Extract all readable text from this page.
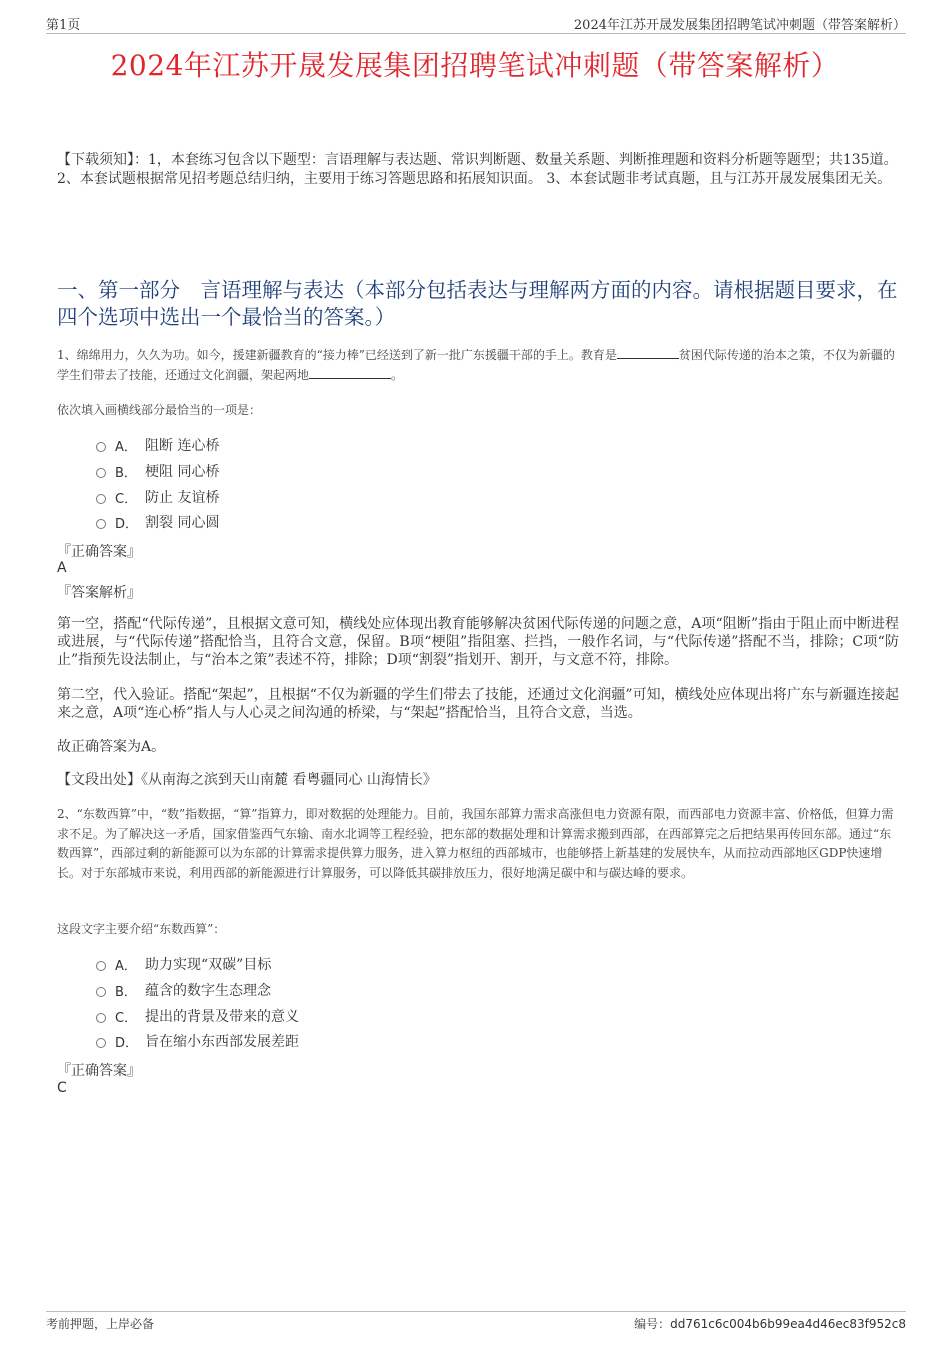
第1页	2024年江苏开晟发展集团招聘笔试冲刺题（带答案解析）
2024年江苏开晟发展集团招聘笔试冲刺题（带答案解析）
【下载须知】：1，本套练习包含以下题型：言语理解与表达题、常识判断题、数量关系题、判断推理题和资料分析题等题型；共135道。 2、本套试题根据常见招考题总结归纳，主要用于练习答题思路和拓展知识面。 3、本套试题非考试真题，且与江苏开晟发展集团无关。
一、第一部分　言语理解与表达（本部分包括表达与理解两方面的内容。请根据题目要求，在四个选项中选出一个最恰当的答案。）
1、绵绵用力，久久为功。如今，援建新疆教育的“接力棒”已经送到了新一批广东援疆干部的手上。教育是	贫困代际传递的治本之策，不仅为新疆的学生们带去了技能，还通过文化润疆，架起两地	。
依次填入画横线部分最恰当的一项是：
A． 阻断 连心桥
B． 梗阻 同心桥
C． 防止 友谊桥
D． 割裂 同心圆
『正确答案』
A
『答案解析』
第一空，搭配“代际传递”，且根据文意可知，横线处应体现出教育能够解决贫困代际传递的问题之意，A项“阻断”指由于阻止而中断进程或进展，与“代际传递”搭配恰当，且符合文意，保留。B项“梗阻”指阻塞、拦挡，一般作名词，与“代际传递”搭配不当，排除；C项“防止”指预先设法制止，与“治本之策”表述不符，排除；D项“割裂”指划开、割开，与文意不符，排除。
第二空，代入验证。搭配“架起”，且根据“不仅为新疆的学生们带去了技能，还通过文化润疆”可知，横线处应体现出将广东与新疆连接起来之意，A项“连心桥”指人与人心灵之间沟通的桥梁，与“架起”搭配恰当，且符合文意，当选。
故正确答案为A。
【文段出处】《从南海之滨到天山南麓 看粤疆同心 山海情长》
2、“东数西算”中，“数”指数据，“算”指算力，即对数据的处理能力。目前，我国东部算力需求高涨但电力资源有限，而西部电力资源丰富、价格低，但算力需求不足。为了解决这一矛盾，国家借鉴西气东输、南水北调等工程经验，把东部的数据处理和计算需求搬到西部，在西部算完之后把结果再传回东部。通过“东数西算”，西部过剩的新能源可以为东部的计算需求提供算力服务，进入算力枢纽的西部城市，也能够搭上新基建的发展快车，从而拉动西部地区GDP快速增长。对于东部城市来说，利用西部的新能源进行计算服务，可以降低其碳排放压力，很好地满足碳中和与碳达峰的要求。
这段文字主要介绍“东数西算”：
A． 助力实现“双碳”目标
B． 蕴含的数字生态理念
C． 提出的背景及带来的意义
D． 旨在缩小东西部发展差距
『正确答案』
C
考前押题，上岸必备	编号：dd761c6c004b6b99ea4d46ec83f952c8
